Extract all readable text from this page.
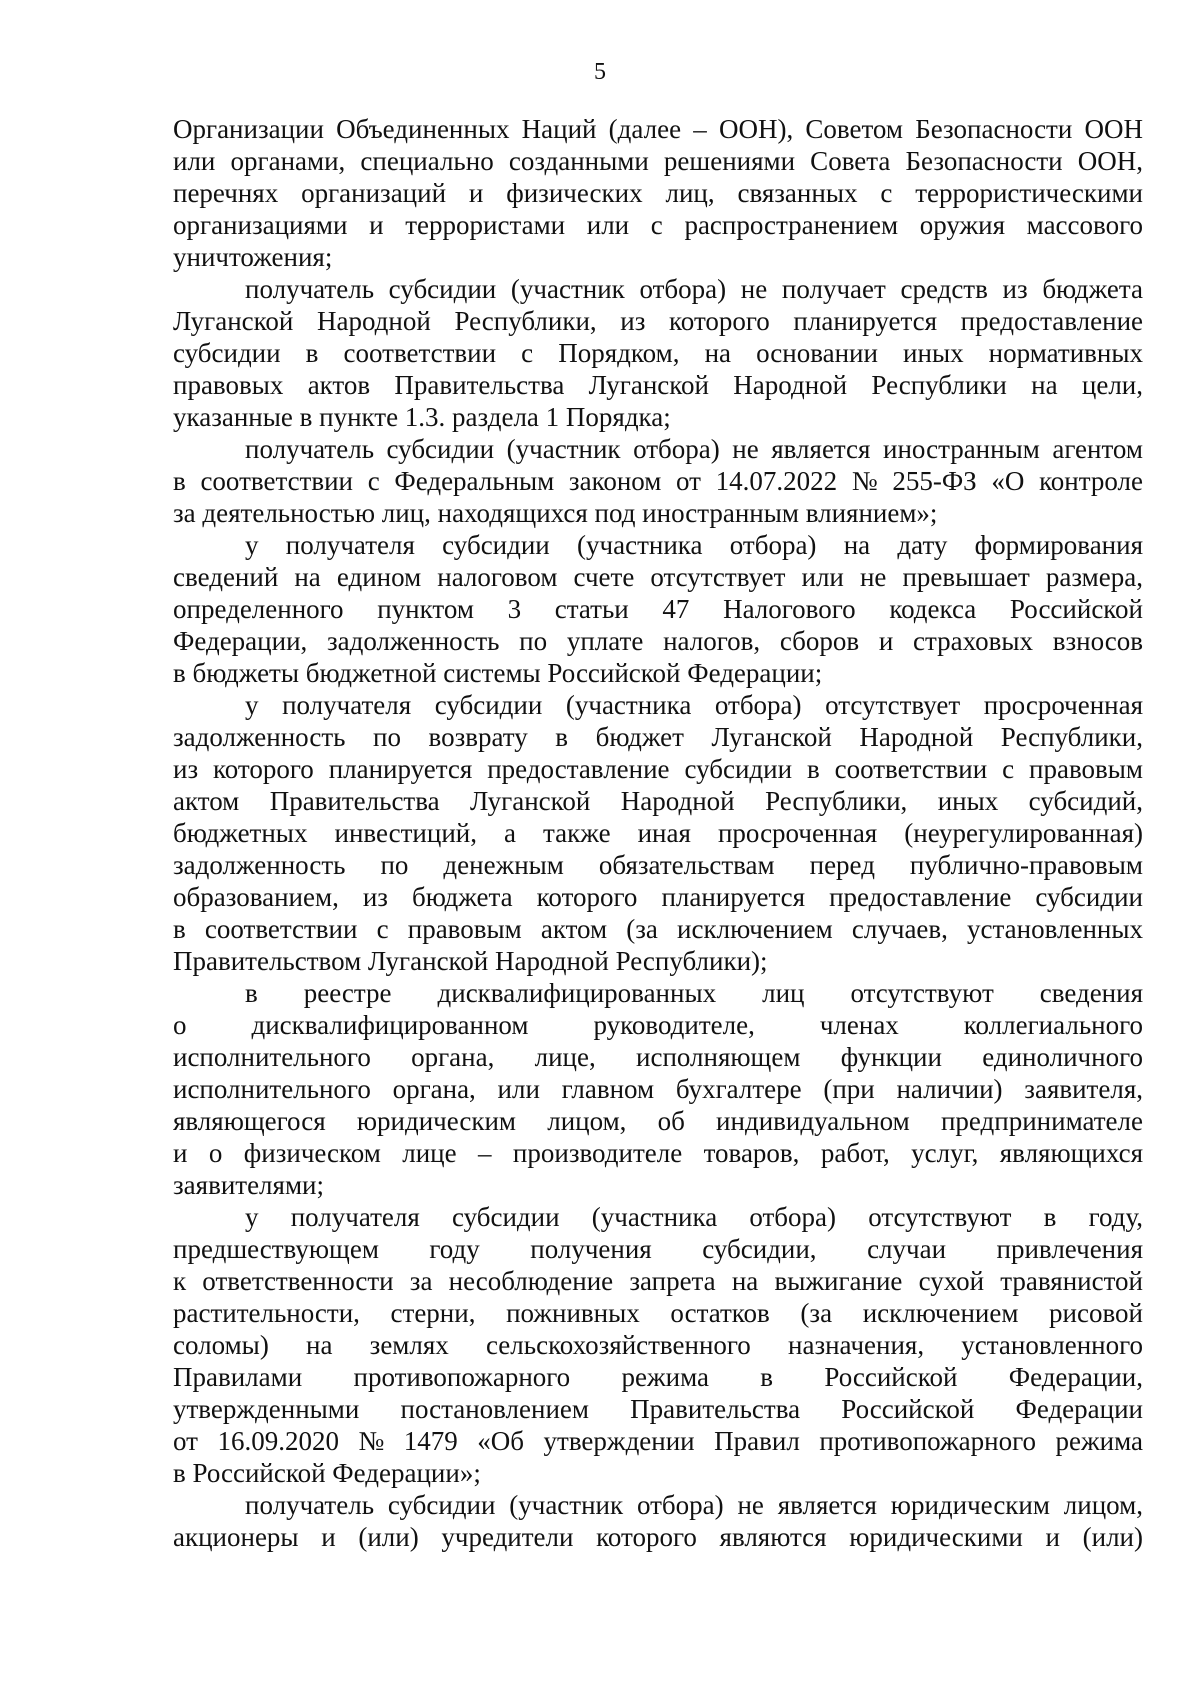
5
Организации Объединенных Наций (далее – ООН), Советом Безопасности ООН
или органами, специально созданными решениями Совета Безопасности ООН,
перечнях организаций и физических лиц, связанных с террористическими
организациями и террористами или с распространением оружия массового
уничтожения;
получатель субсидии (участник отбора) не получает средств из бюджета
Луганской Народной Республики, из которого планируется предоставление
субсидии в соответствии с Порядком, на основании иных нормативных
правовых актов Правительства Луганской Народной Республики на цели,
указанные в пункте 1.3. раздела 1 Порядка;
получатель субсидии (участник отбора) не является иностранным агентом
в соответствии с Федеральным законом от 14.07.2022 № 255-ФЗ «О контроле
за деятельностью лиц, находящихся под иностранным влиянием»;
у получателя субсидии (участника отбора) на дату формирования
сведений на едином налоговом счете отсутствует или не превышает размера,
определенного пунктом 3 статьи 47 Налогового кодекса Российской
Федерации, задолженность по уплате налогов, сборов и страховых взносов
в бюджеты бюджетной системы Российской Федерации;
у получателя субсидии (участника отбора) отсутствует просроченная
задолженность по возврату в бюджет Луганской Народной Республики,
из которого планируется предоставление субсидии в соответствии с правовым
актом Правительства Луганской Народной Республики, иных субсидий,
бюджетных инвестиций, а также иная просроченная (неурегулированная)
задолженность по денежным обязательствам перед публично-правовым
образованием, из бюджета которого планируется предоставление субсидии
в соответствии с правовым актом (за исключением случаев, установленных
Правительством Луганской Народной Республики);
в реестре дисквалифицированных лиц отсутствуют сведения
о дисквалифицированном руководителе, членах коллегиального
исполнительного органа, лице, исполняющем функции единоличного
исполнительного органа, или главном бухгалтере (при наличии) заявителя,
являющегося юридическим лицом, об индивидуальном предпринимателе
и о физическом лице – производителе товаров, работ, услуг, являющихся
заявителями;
у получателя субсидии (участника отбора) отсутствуют в году,
предшествующем году получения субсидии, случаи привлечения
к ответственности за несоблюдение запрета на выжигание сухой травянистой
растительности, стерни, пожнивных остатков (за исключением рисовой
соломы) на землях сельскохозяйственного назначения, установленного
Правилами противопожарного режима в Российской Федерации,
утвержденными постановлением Правительства Российской Федерации
от 16.09.2020 № 1479 «Об утверждении Правил противопожарного режима
в Российской Федерации»;
получатель субсидии (участник отбора) не является юридическим лицом,
акционеры и (или) учредители которого являются юридическими и (или)
